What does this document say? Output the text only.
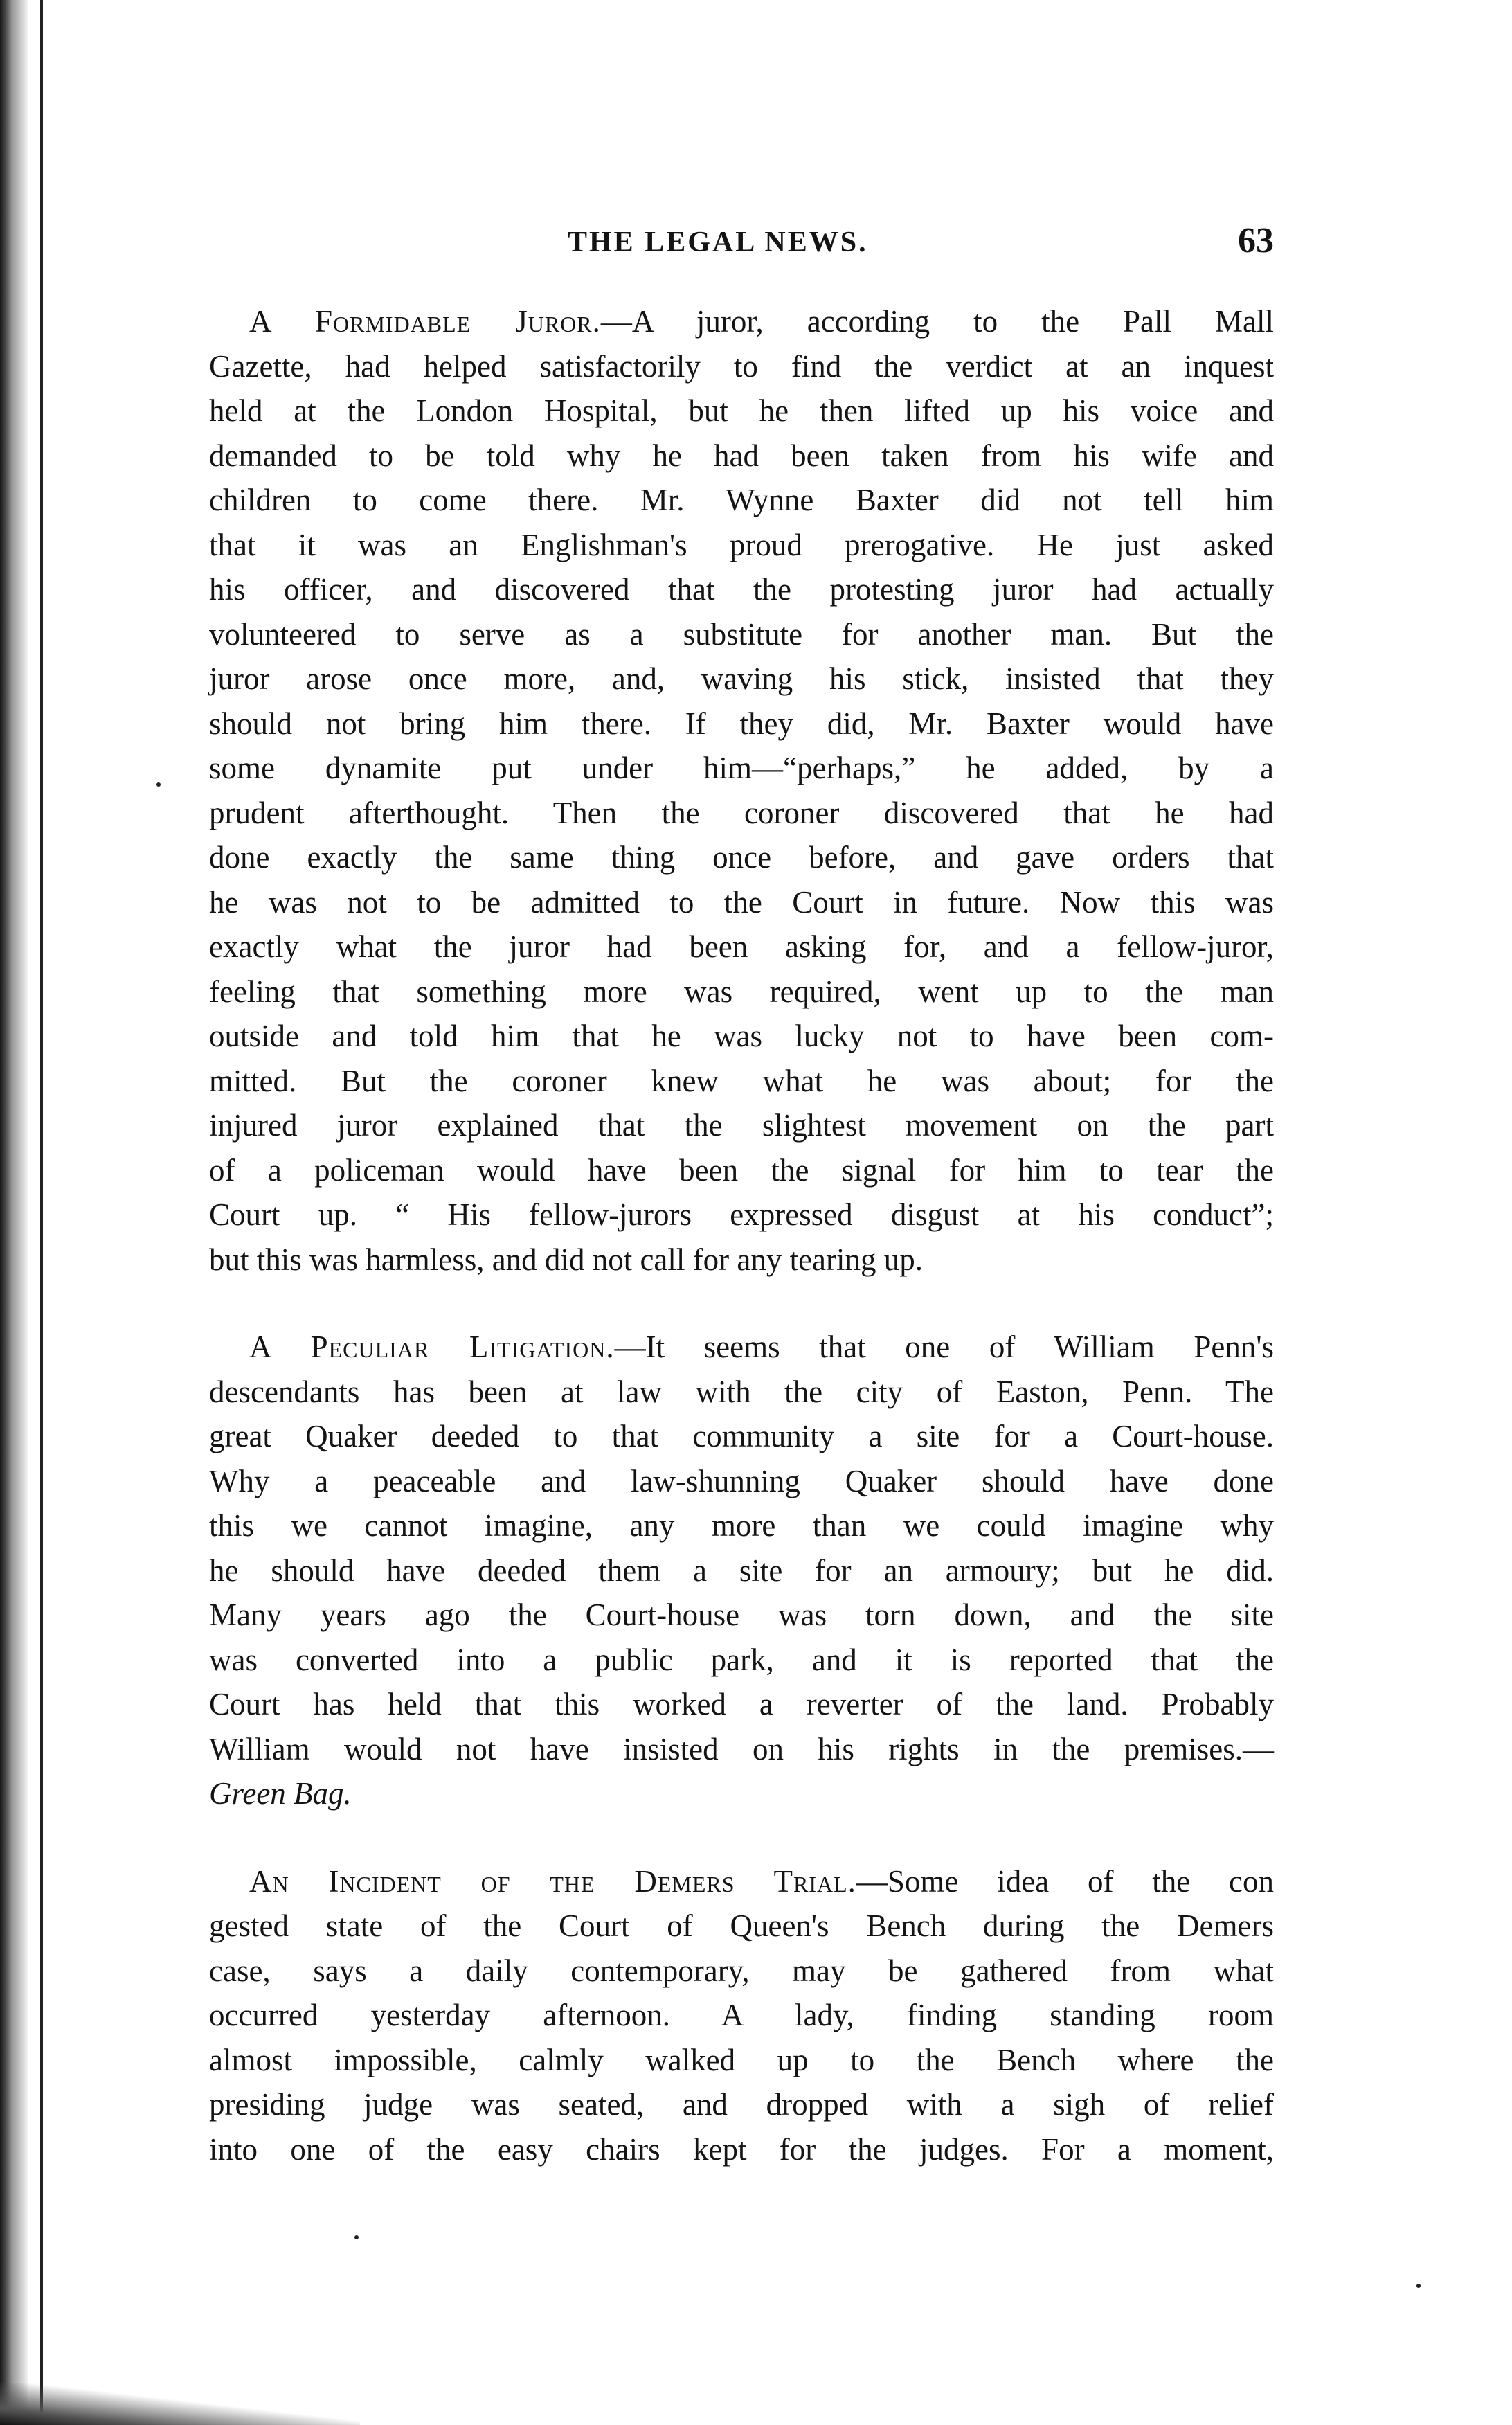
THE LEGAL NEWS.	63

A Formidable Juror.—A juror, according to the Pall Mall
Gazette, had helped satisfactorily to find the verdict at an inquest
held at the London Hospital, but he then lifted up his voice and
demanded to be told why he had been taken from his wife and
children to come there. Mr. Wynne Baxter did not tell him
that it was an Englishman's proud prerogative. He just asked
his officer, and discovered that the protesting juror had actually
volunteered to serve as a substitute for another man. But the
juror arose once more, and, waving his stick, insisted that they
should not bring him there. If they did, Mr. Baxter would have
some dynamite put under him—“perhaps,” he added, by a
prudent afterthought. Then the coroner discovered that he had
done exactly the same thing once before, and gave orders that
he was not to be admitted to the Court in future. Now this was
exactly what the juror had been asking for, and a fellow-juror,
feeling that something more was required, went up to the man
outside and told him that he was lucky not to have been com-
mitted. But the coroner knew what he was about; for the
injured juror explained that the slightest movement on the part
of a policeman would have been the signal for him to tear the
Court up. “ His fellow-jurors expressed disgust at his conduct”;
but this was harmless, and did not call for any tearing up.

A Peculiar Litigation.—It seems that one of William Penn's
descendants has been at law with the city of Easton, Penn. The
great Quaker deeded to that community a site for a Court-house.
Why a peaceable and law-shunning Quaker should have done
this we cannot imagine, any more than we could imagine why
he should have deeded them a site for an armoury; but he did.
Many years ago the Court-house was torn down, and the site
was converted into a public park, and it is reported that the
Court has held that this worked a reverter of the land. Probably
William would not have insisted on his rights in the premises.—
Green Bag.

An Incident of the Demers Trial.—Some idea of the con
gested state of the Court of Queen's Bench during the Demers
case, says a daily contemporary, may be gathered from what
occurred yesterday afternoon. A lady, finding standing room
almost impossible, calmly walked up to the Bench where the
presiding judge was seated, and dropped with a sigh of relief
into one of the easy chairs kept for the judges. For a moment,
